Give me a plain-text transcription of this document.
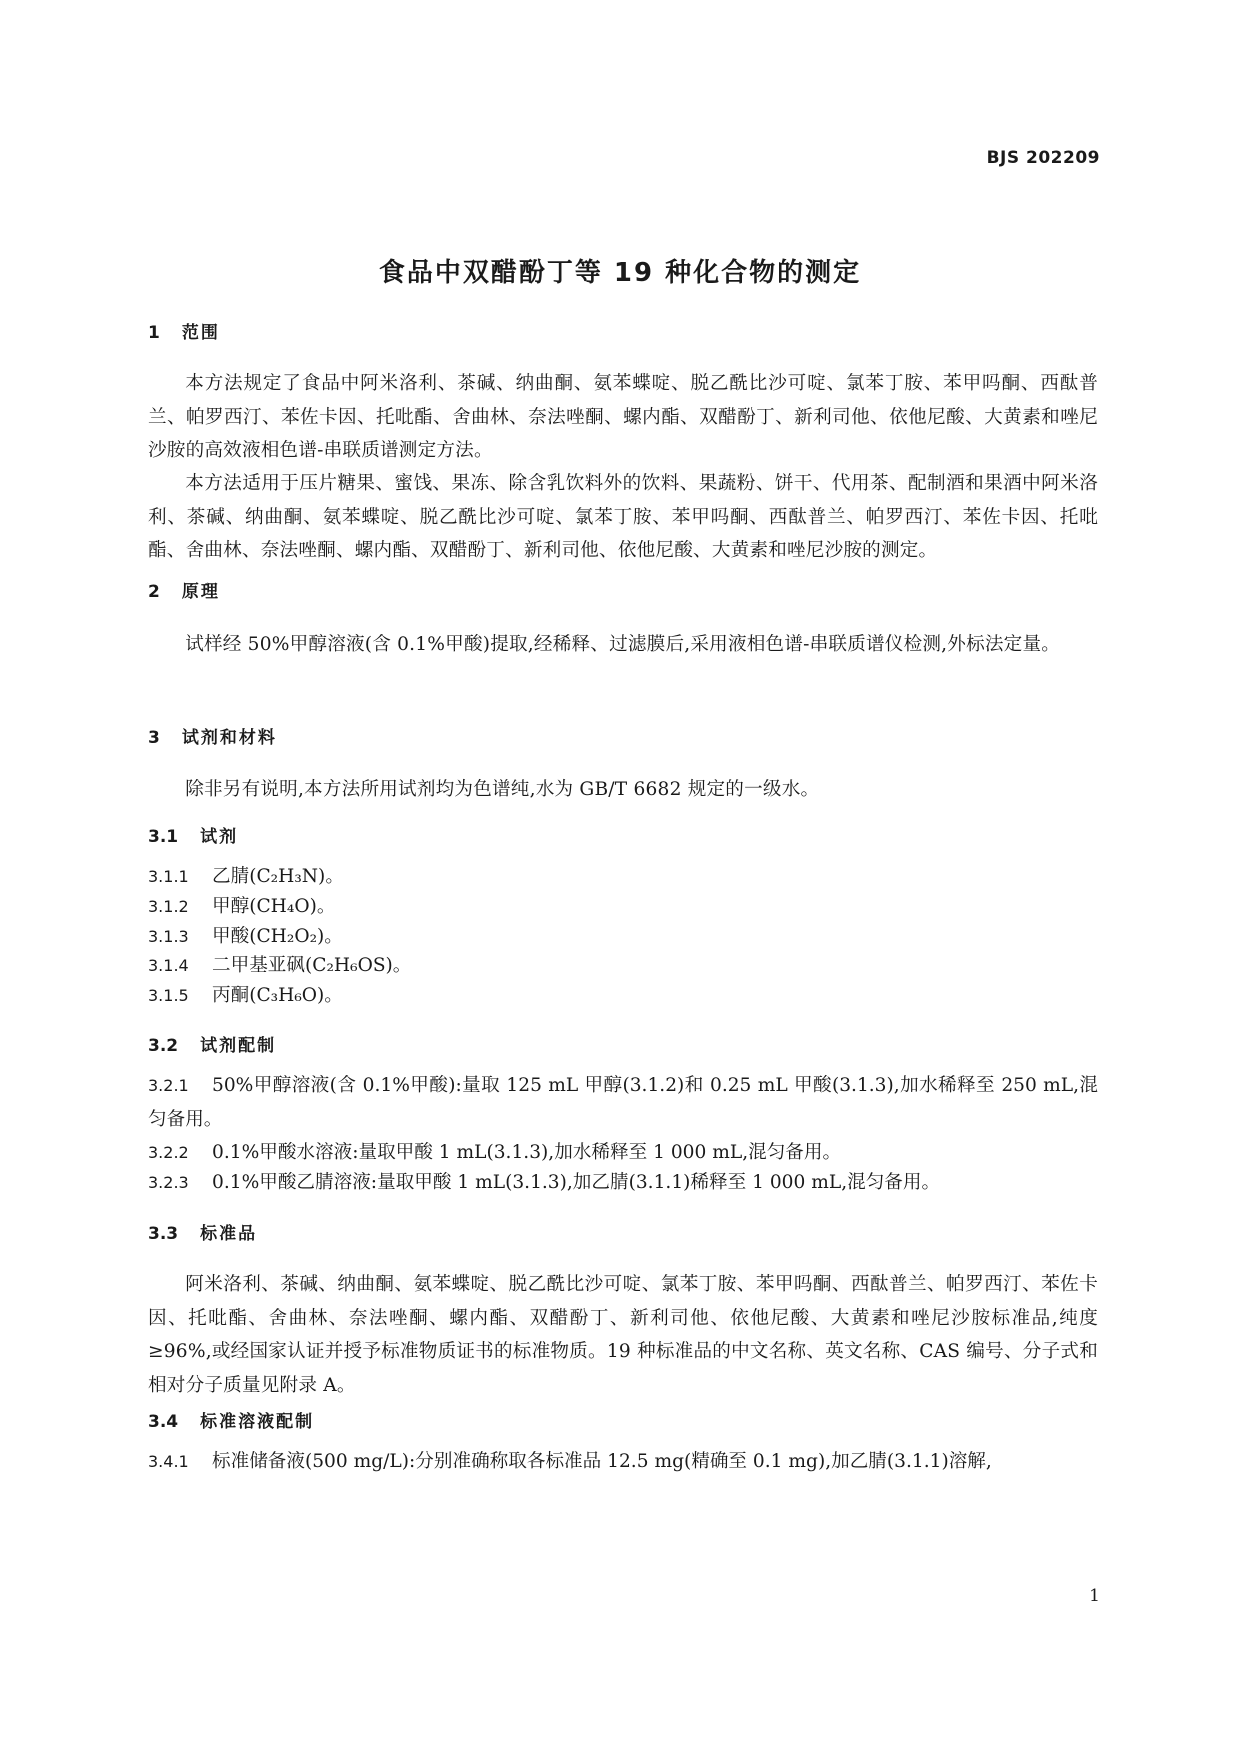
BJS 202209
食品中双醋酚丁等 19 种化合物的测定
1 范围
本方法规定了食品中阿米洛利、茶碱、纳曲酮、氨苯蝶啶、脱乙酰比沙可啶、氯苯丁胺、苯甲吗酮、西酞普兰、帕罗西汀、苯佐卡因、托吡酯、舍曲林、奈法唑酮、螺内酯、双醋酚丁、新利司他、依他尼酸、大黄素和唑尼沙胺的高效液相色谱-串联质谱测定方法。
本方法适用于压片糖果、蜜饯、果冻、除含乳饮料外的饮料、果蔬粉、饼干、代用茶、配制酒和果酒中阿米洛利、茶碱、纳曲酮、氨苯蝶啶、脱乙酰比沙可啶、氯苯丁胺、苯甲吗酮、西酞普兰、帕罗西汀、苯佐卡因、托吡酯、舍曲林、奈法唑酮、螺内酯、双醋酚丁、新利司他、依他尼酸、大黄素和唑尼沙胺的测定。
2 原理
试样经 50%甲醇溶液(含 0.1%甲酸)提取,经稀释、过滤膜后,采用液相色谱-串联质谱仪检测,外标法定量。
3 试剂和材料
除非另有说明,本方法所用试剂均为色谱纯,水为 GB/T 6682 规定的一级水。
3.1 试剂
3.1.1 乙腈(C₂H₃N)。
3.1.2 甲醇(CH₄O)。
3.1.3 甲酸(CH₂O₂)。
3.1.4 二甲基亚砜(C₂H₆OS)。
3.1.5 丙酮(C₃H₆O)。
3.2 试剂配制
3.2.1 50%甲醇溶液(含 0.1%甲酸):量取 125 mL 甲醇(3.1.2)和 0.25 mL 甲酸(3.1.3),加水稀释至 250 mL,混匀备用。
3.2.2 0.1%甲酸水溶液:量取甲酸 1 mL(3.1.3),加水稀释至 1 000 mL,混匀备用。
3.2.3 0.1%甲酸乙腈溶液:量取甲酸 1 mL(3.1.3),加乙腈(3.1.1)稀释至 1 000 mL,混匀备用。
3.3 标准品
阿米洛利、茶碱、纳曲酮、氨苯蝶啶、脱乙酰比沙可啶、氯苯丁胺、苯甲吗酮、西酞普兰、帕罗西汀、苯佐卡因、托吡酯、舍曲林、奈法唑酮、螺内酯、双醋酚丁、新利司他、依他尼酸、大黄素和唑尼沙胺标准品,纯度≥96%,或经国家认证并授予标准物质证书的标准物质。19 种标准品的中文名称、英文名称、CAS 编号、分子式和相对分子质量见附录 A。
3.4 标准溶液配制
3.4.1 标准储备液(500 mg/L):分别准确称取各标准品 12.5 mg(精确至 0.1 mg),加乙腈(3.1.1)溶解,
1
